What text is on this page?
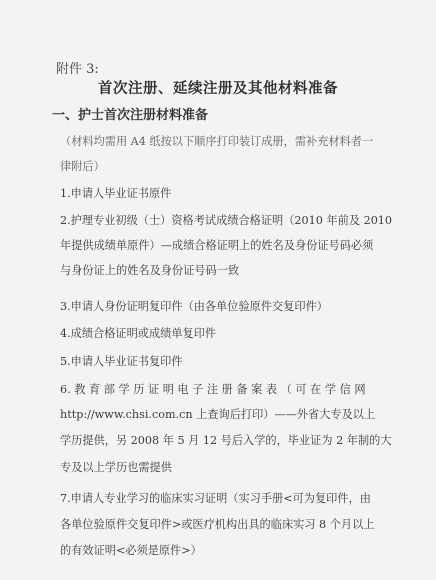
附件 3:
首次注册、延续注册及其他材料准备
一、护士首次注册材料准备
（材料均需用 A4 纸按以下顺序打印装订成册，需补充材料者一
律附后）
1.申请人毕业证书原件
2.护理专业初级（士）资格考试成绩合格证明（2010 年前及 2010
年提供成绩单原件）—成绩合格证明上的姓名及身份证号码必须
与身份证上的姓名及身份证号码一致
3.申请人身份证明复印件（由各单位验原件交复印件）
4.成绩合格证明或成绩单复印件
5.申请人毕业证书复印件
6. 教 育 部 学 历 证 明 电 子 注 册 备 案 表 （ 可 在 学 信 网
http://www.chsi.com.cn 上查询后打印）——外省大专及以上
学历提供，另 2008 年 5 月 12 号后入学的，毕业证为 2 年制的大
专及以上学历也需提供
7.申请人专业学习的临床实习证明（实习手册<可为复印件，由
各单位验原件交复印件>或医疗机构出具的临床实习 8 个月以上
的有效证明<必须是原件>）
